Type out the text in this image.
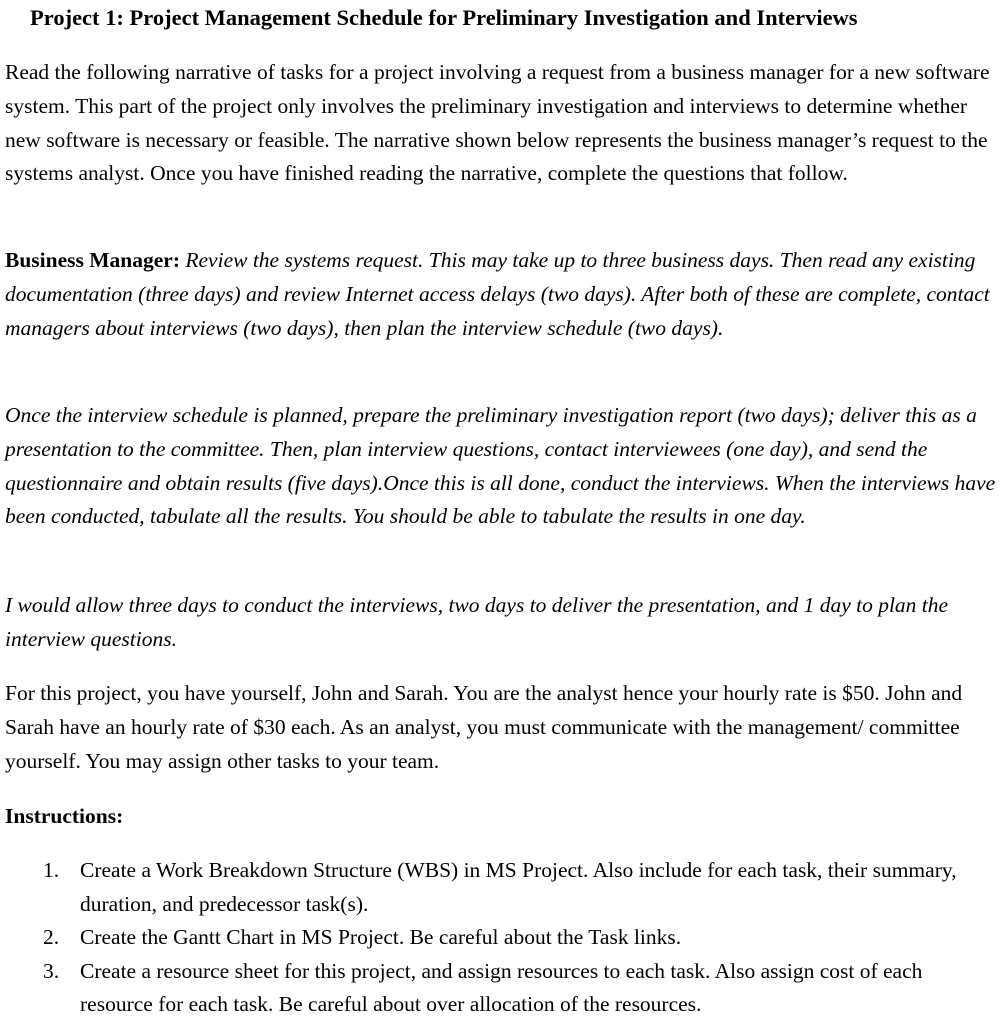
Project 1: Project Management Schedule for Preliminary Investigation and Interviews

Read the following narrative of tasks for a project involving a request from a business manager for a new software system. This part of the project only involves the preliminary investigation and interviews to determine whether new software is necessary or feasible. The narrative shown below represents the business manager’s request to the systems analyst. Once you have finished reading the narrative, complete the questions that follow.

Business Manager: Review the systems request. This may take up to three business days. Then read any existing documentation (three days) and review Internet access delays (two days). After both of these are complete, contact managers about interviews (two days), then plan the interview schedule (two days).

Once the interview schedule is planned, prepare the preliminary investigation report (two days); deliver this as a presentation to the committee. Then, plan interview questions, contact interviewees (one day), and send the questionnaire and obtain results (five days).Once this is all done, conduct the interviews. When the interviews have been conducted, tabulate all the results. You should be able to tabulate the results in one day.

I would allow three days to conduct the interviews, two days to deliver the presentation, and 1 day to plan the interview questions.

For this project, you have yourself, John and Sarah. You are the analyst hence your hourly rate is $50. John and Sarah have an hourly rate of $30 each. As an analyst, you must communicate with the management/ committee yourself. You may assign other tasks to your team.

Instructions:
1. Create a Work Breakdown Structure (WBS) in MS Project. Also include for each task, their summary, duration, and predecessor task(s).
2. Create the Gantt Chart in MS Project. Be careful about the Task links.
3. Create a resource sheet for this project, and assign resources to each task. Also assign cost of each resource for each task. Be careful about over allocation of the resources.
